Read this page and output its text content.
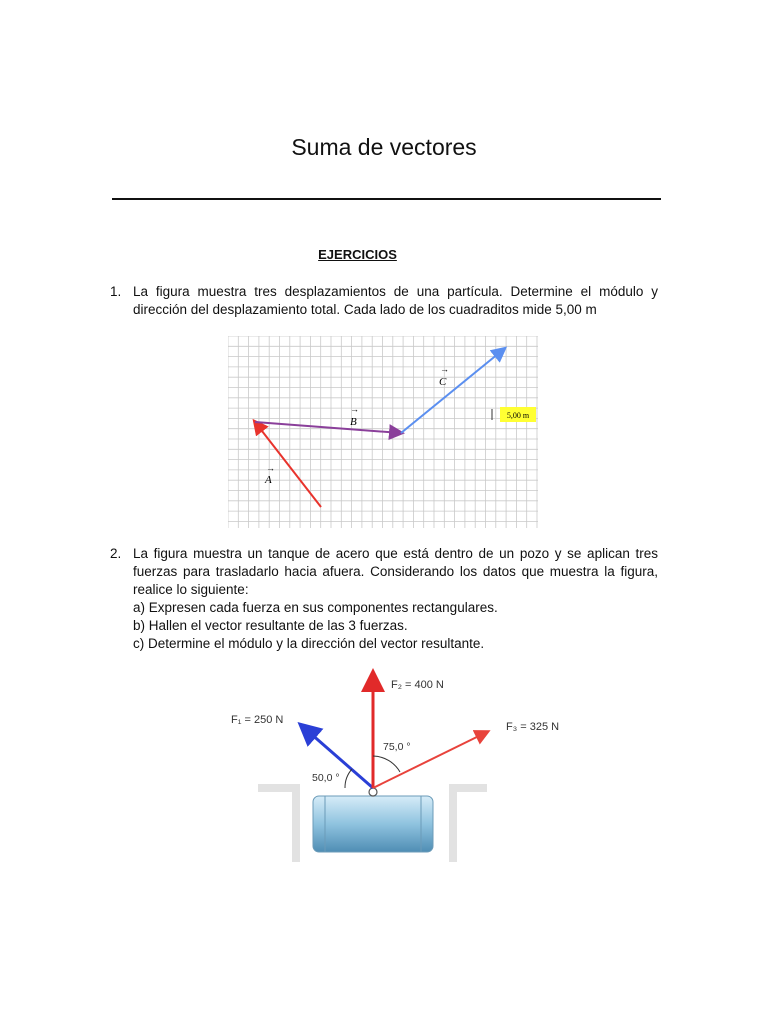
Suma de vectores
EJERCICIOS
1. La figura muestra tres desplazamientos de una partícula. Determine el módulo y dirección del desplazamiento total. Cada lado de los cuadraditos mide 5,00 m
A
→
B
→
C
→
5,00 m
2. La figura muestra un tanque de acero que está dentro de un pozo y se aplican tres fuerzas para trasladarlo hacia afuera. Considerando los datos que muestra la figura, realice lo siguiente:
a) Expresen cada fuerza en sus componentes rectangulares.
b) Hallen el vector resultante de las 3 fuerzas.
c) Determine el módulo y la dirección del vector resultante.
F₁ = 250 N
F₂ = 400 N
F₃ = 325 N
50,0 °
75,0 °
